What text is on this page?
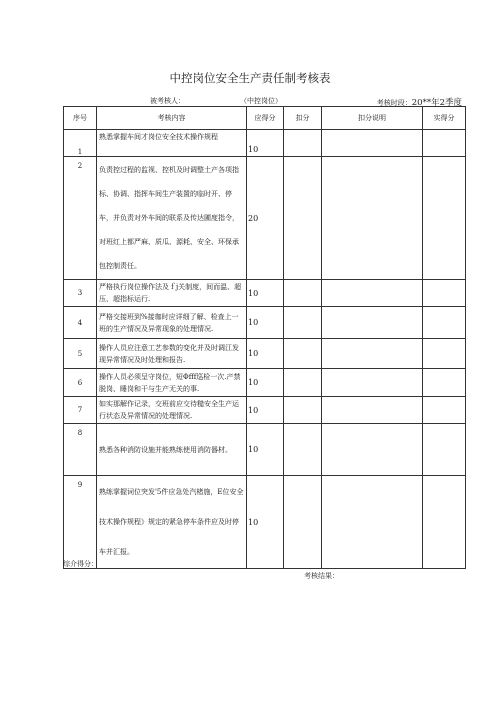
中控岗位安全生产责任制考核表
被考核人：	（中控岗位）	考核时段：20**年2季度
序号	考核内容	应得分	扣分	扣分说明	实得分
1	熟悉掌握车间才岗位安全技术操作规程	10			
2	负责控过程的监视、控机及时调整土产各项指标、协调、指挥车间生产装置的临时开、停车，并负责对外车间的联系及传达圃度指令，对班红上都严麻、质瓜、源耗、安全、环保承包控制责任。	20			
3	严格执行岗位操作法及ｆj关制度，间而温、超压、超指标运行.	10			
4	严格交接班到%接珈时应详细了解、检查上一班的生产情况及异常现象的处理情况.	10			
5	操作人员应注意工艺参数的变化并及时调江发现异常情况及时处理和报告.	10			
6	操作人员必须呈守岗位，短Φfff巡检一次.产禁脱岗、睡岗和干与生产无关的事.	10			
7	如实那解作记录，交班前应交待糙安全生产运行状态及异常情况的处理情况.	10			
8	熟悉各种消防设施并能熟练使用消防器材。	10			
9	熟练掌握词位突发'5件应急处汽楮施，E位安全技术操作规程》规定的紧急停车条件应及时停车并汇报。	10			
综介得分：
考核结果：
